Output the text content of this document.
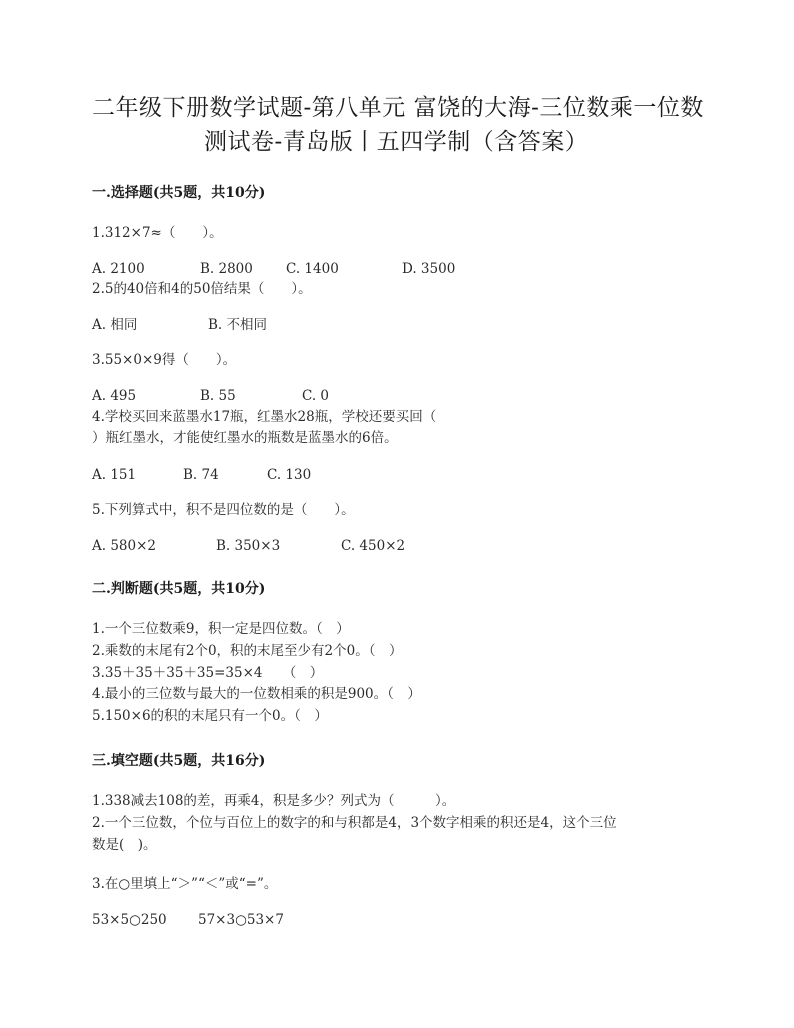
二年级下册数学试题-第八单元 富饶的大海-三位数乘一位数
测试卷-青岛版丨五四学制（含答案）
一.选择题(共5题，共10分)
1.312×7≈（　　）。
A. 2100	B. 2800 C. 1400	D. 3500
2.5的40倍和4的50倍结果（　　）。
A. 相同	B. 不相同
3.55×0×9得（　　）。
A. 495	B. 55	C. 0
4.学校买回来蓝墨水17瓶，红墨水28瓶，学校还要买回（
）瓶红墨水，才能使红墨水的瓶数是蓝墨水的6倍。
A. 151	B. 74	C. 130
5.下列算式中，积不是四位数的是（　　）。
A. 580×2	B. 350×3	C. 450×2
二.判断题(共5题，共10分)
1.一个三位数乘9，积一定是四位数。（　）
2.乘数的末尾有2个0，积的末尾至少有2个0。（　）
3.35＋35＋35＋35=35×4　　（　）
4.最小的三位数与最大的一位数相乘的积是900。（　）
5.150×6的积的末尾只有一个0。（　）
三.填空题(共5题，共16分)
1.338减去108的差，再乘4，积是多少？列式为（　　　）。
2.一个三位数，个位与百位上的数字的和与积都是4，3个数字相乘的积还是4，这个三位
数是(　)。
3.在○里填上“＞”“＜”或“=”。
53×5○250 57×3○53×7
